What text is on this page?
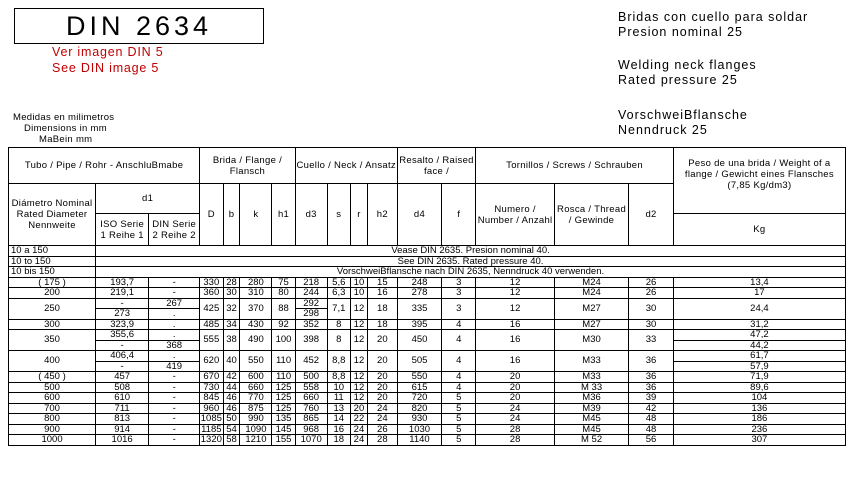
DIN 2634
Ver imagen DIN 5
See DIN image 5
Bridas con cuello para soldar
Presion nominal 25
Welding neck flanges
Rated pressure 25
VorschweiBflansche
Nenndruck 25
Medidas en milimetros
Dimensions in mm
MaBein mm
Tubo / Pipe / Rohr - AnschluBmabe			Brida / Flange / Flansch				Cuello / Neck / Ansatz				Resalto / Raised face /		Tornillos / Screws / Schrauben			Peso de una brida / Weight of a flange / Gewicht eines Flansches (7,85 Kg/dm3)
Diámetro Nominal Rated Diameter Nennweite	d1		D	b	k	h1	d3	s	r	h2	d4	f	Numero / Number / Anzahl	Rosca / Thread / Gewinde	d2	
	ISO Serie 1 Reihe 1	DIN Serie 2 Reihe 2														Kg
10 a 150	Vease DIN 2635. Presion nominal 40.															
10 to 150	See DIN 2635. Rated pressure 40.															
10 bis 150	VorschweiBflansche nach DIN 2635, Nenndruck 40 verwenden.															
( 175 )	193,7	-	330	28	280	75	218	5,6	10	15	248	3	12	M24	26	13,4
200	219,1	-	360	30	310	80	244	6,3	10	16	278	3	12	M24	26	17
250	-	267	425	32	370	88	292	7,1	12	18	335	3	12	M27	30	24,4
	273	.					298									
300	323,9	.	485	34	430	92	352	8	12	18	395	4	16	M27	30	31,2
350	355,6	.	555	38	490	100	398	8	12	20	450	4	16	M30	33	47,2
	-	368														44,2
400	406,4	.	620	40	550	110	452	8,8	12	20	505	4	16	M33	36	61,7
	-	419														57,9
( 450 )	457	-	670	42	600	110	500	8,8	12	20	550	4	20	M33	36	71,9
500	508	-	730	44	660	125	558	10	12	20	615	4	20	M 33	36	89,6
600	610	-	845	46	770	125	660	11	12	20	720	5	20	M36	39	104
700	711	-	960	46	875	125	760	13	20	24	820	5	24	M39	42	136
800	813	-	1085	50	990	135	865	14	22	24	930	5	24	M45	48	186
900	914	-	1185	54	1090	145	968	16	24	26	1030	5	28	M45	48	236
1000	1016	-	1320	58	1210	155	1070	18	24	28	1140	5	28	M 52	56	307
